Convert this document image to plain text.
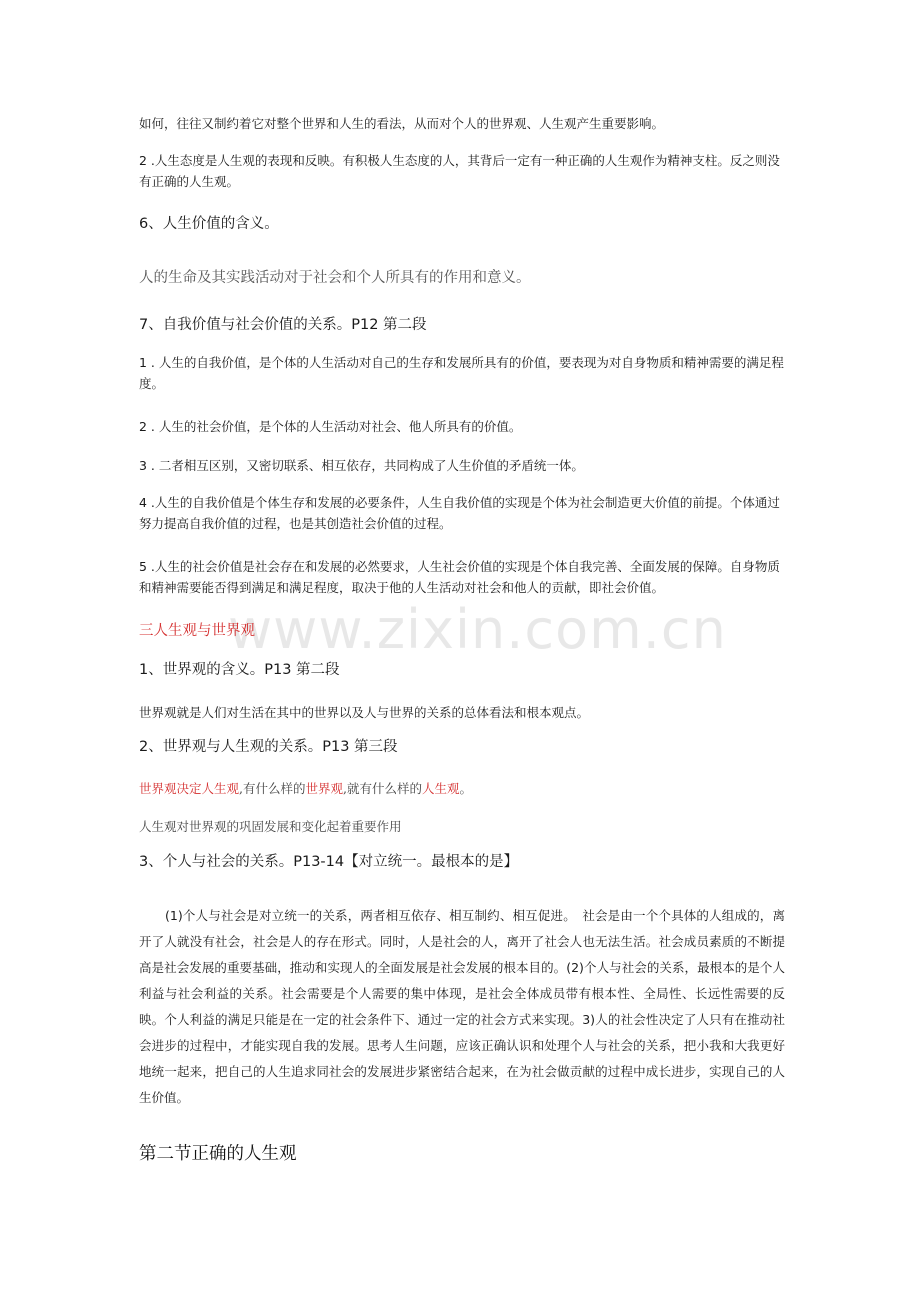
如何，往往又制约着它对整个世界和人生的看法，从而对个人的世界观、人生观产生重要影响。

2 .人生态度是人生观的表现和反映。有积极人生态度的人，其背后一定有一种正确的人生观作为精神支柱。反之则没有正确的人生观。

6、人生价值的含义。

人的生命及其实践活动对于社会和个人所具有的作用和意义。

7、自我价值与社会价值的关系。P12 第二段

1 . 人生的自我价值，是个体的人生活动对自己的生存和发展所具有的价值，要表现为对自身物质和精神需要的满足程度。

2 . 人生的社会价值，是个体的人生活动对社会、他人所具有的价值。

3 . 二者相互区别，又密切联系、相互依存，共同构成了人生价值的矛盾统一体。

4 .人生的自我价值是个体生存和发展的必要条件，人生自我价值的实现是个体为社会制造更大价值的前提。个体通过努力提高自我价值的过程，也是其创造社会价值的过程。

5 .人生的社会价值是社会存在和发展的必然要求，人生社会价值的实现是个体自我完善、全面发展的保障。自身物质和精神需要能否得到满足和满足程度，取决于他的人生活动对社会和他人的贡献，即社会价值。

www.zixin.com.cn

三人生观与世界观

1、世界观的含义。P13 第二段

世界观就是人们对生活在其中的世界以及人与世界的关系的总体看法和根本观点。

2、世界观与人生观的关系。P13 第三段

世界观决定人生观,有什么样的世界观,就有什么样的人生观。

人生观对世界观的巩固发展和变化起着重要作用

3、个人与社会的关系。P13-14【对立统一。最根本的是】

(1)个人与社会是对立统一的关系，两者相互依存、相互制约、相互促进。　社会是由一个个具体的人组成的，离开了人就没有社会，社会是人的存在形式。同时，人是社会的人，离开了社会人也无法生活。社会成员素质的不断提高是社会发展的重要基础，推动和实现人的全面发展是社会发展的根本目的。(2)个人与社会的关系，最根本的是个人利益与社会利益的关系。社会需要是个人需要的集中体现，是社会全体成员带有根本性、全局性、长远性需要的反映。个人利益的满足只能是在一定的社会条件下、通过一定的社会方式来实现。3)人的社会性决定了人只有在推动社会进步的过程中，才能实现自我的发展。思考人生问题，应该正确认识和处理个人与社会的关系，把小我和大我更好地统一起来，把自己的人生追求同社会的发展进步紧密结合起来，在为社会做贡献的过程中成长进步，实现自己的人生价值。

第二节正确的人生观
